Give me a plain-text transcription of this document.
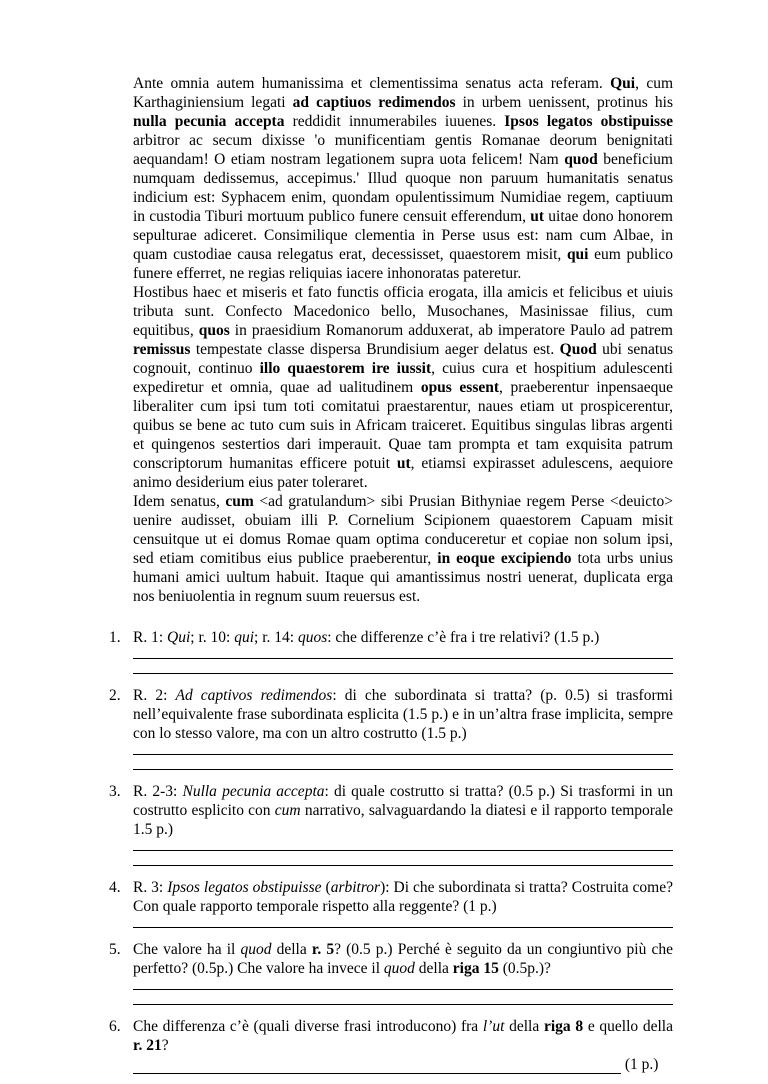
Ante omnia autem humanissima et clementissima senatus acta referam. Qui, cum Karthaginiensium legati ad captiuos redimendos in urbem uenissent, protinus his nulla pecunia accepta reddidit innumerabiles iuuenes. Ipsos legatos obstipuisse arbitror ac secum dixisse 'o munificentiam gentis Romanae deorum benignitati aequandam! O etiam nostram legationem supra uota felicem! Nam quod beneficium numquam dedissemus, accepimus.' Illud quoque non paruum humanitatis senatus indicium est: Syphacem enim, quondam opulentissimum Numidiae regem, captiuum in custodia Tiburi mortuum publico funere censuit efferendum, ut uitae dono honorem sepulturae adiceret. Consimilique clementia in Perse usus est: nam cum Albae, in quam custodiae causa relegatus erat, decessisset, quaestorem misit, qui eum publico funere efferret, ne regias reliquias iacere inhonoratas pateretur.

Hostibus haec et miseris et fato functis officia erogata, illa amicis et felicibus et uiuis tributa sunt. Confecto Macedonico bello, Musochanes, Masinissae filius, cum equitibus, quos in praesidium Romanorum adduxerat, ab imperatore Paulo ad patrem remissus tempestate classe dispersa Brundisium aeger delatus est. Quod ubi senatus cognouit, continuo illo quaestorem ire iussit, cuius cura et hospitium adulescenti expediretur et omnia, quae ad ualitudinem opus essent, praeberentur inpensaeque liberaliter cum ipsi tum toti comitatui praestarentur, naues etiam ut prospicerentur, quibus se bene ac tuto cum suis in Africam traiceret. Equitibus singulas libras argenti et quingenos sestertios dari imperauit. Quae tam prompta et tam exquisita patrum conscriptorum humanitas efficere potuit ut, etiamsi expirasset adulescens, aequiore animo desiderium eius pater toleraret.

Idem senatus, cum <ad gratulandum> sibi Prusian Bithyniae regem Perse <deuicto> uenire audisset, obuiam illi P. Cornelium Scipionem quaestorem Capuam misit censuitque ut ei domus Romae quam optima conduceretur et copiae non solum ipsi, sed etiam comitibus eius publice praeberentur, in eoque excipiendo tota urbs unius humani amici uultum habuit. Itaque qui amantissimus nostri uenerat, duplicata erga nos beniuolentia in regnum suum reuersus est.

1. R. 1: Qui; r. 10: qui; r. 14: quos: che differenze c’è fra i tre relativi? (1.5 p.)
2. R. 2: Ad captivos redimendos: di che subordinata si tratta? (p. 0.5) si trasformi nell’equivalente frase subordinata esplicita (1.5 p.) e in un’altra frase implicita, sempre con lo stesso valore, ma con un altro costrutto (1.5 p.)
3. R. 2-3: Nulla pecunia accepta: di quale costrutto si tratta? (0.5 p.) Si trasformi in un costrutto esplicito con cum narrativo, salvaguardando la diatesi e il rapporto temporale 1.5 p.)
4. R. 3: Ipsos legatos obstipuisse (arbitror): Di che subordinata si tratta? Costruita come? Con quale rapporto temporale rispetto alla reggente? (1 p.)
5. Che valore ha il quod della r. 5? (0.5 p.) Perché è seguito da un congiuntivo più che perfetto? (0.5p.) Che valore ha invece il quod della riga 15 (0.5p.)?
6. Che differenza c’è (quali diverse frasi introducono) fra l’ut della riga 8 e quello della r. 21?
(1 p.)
